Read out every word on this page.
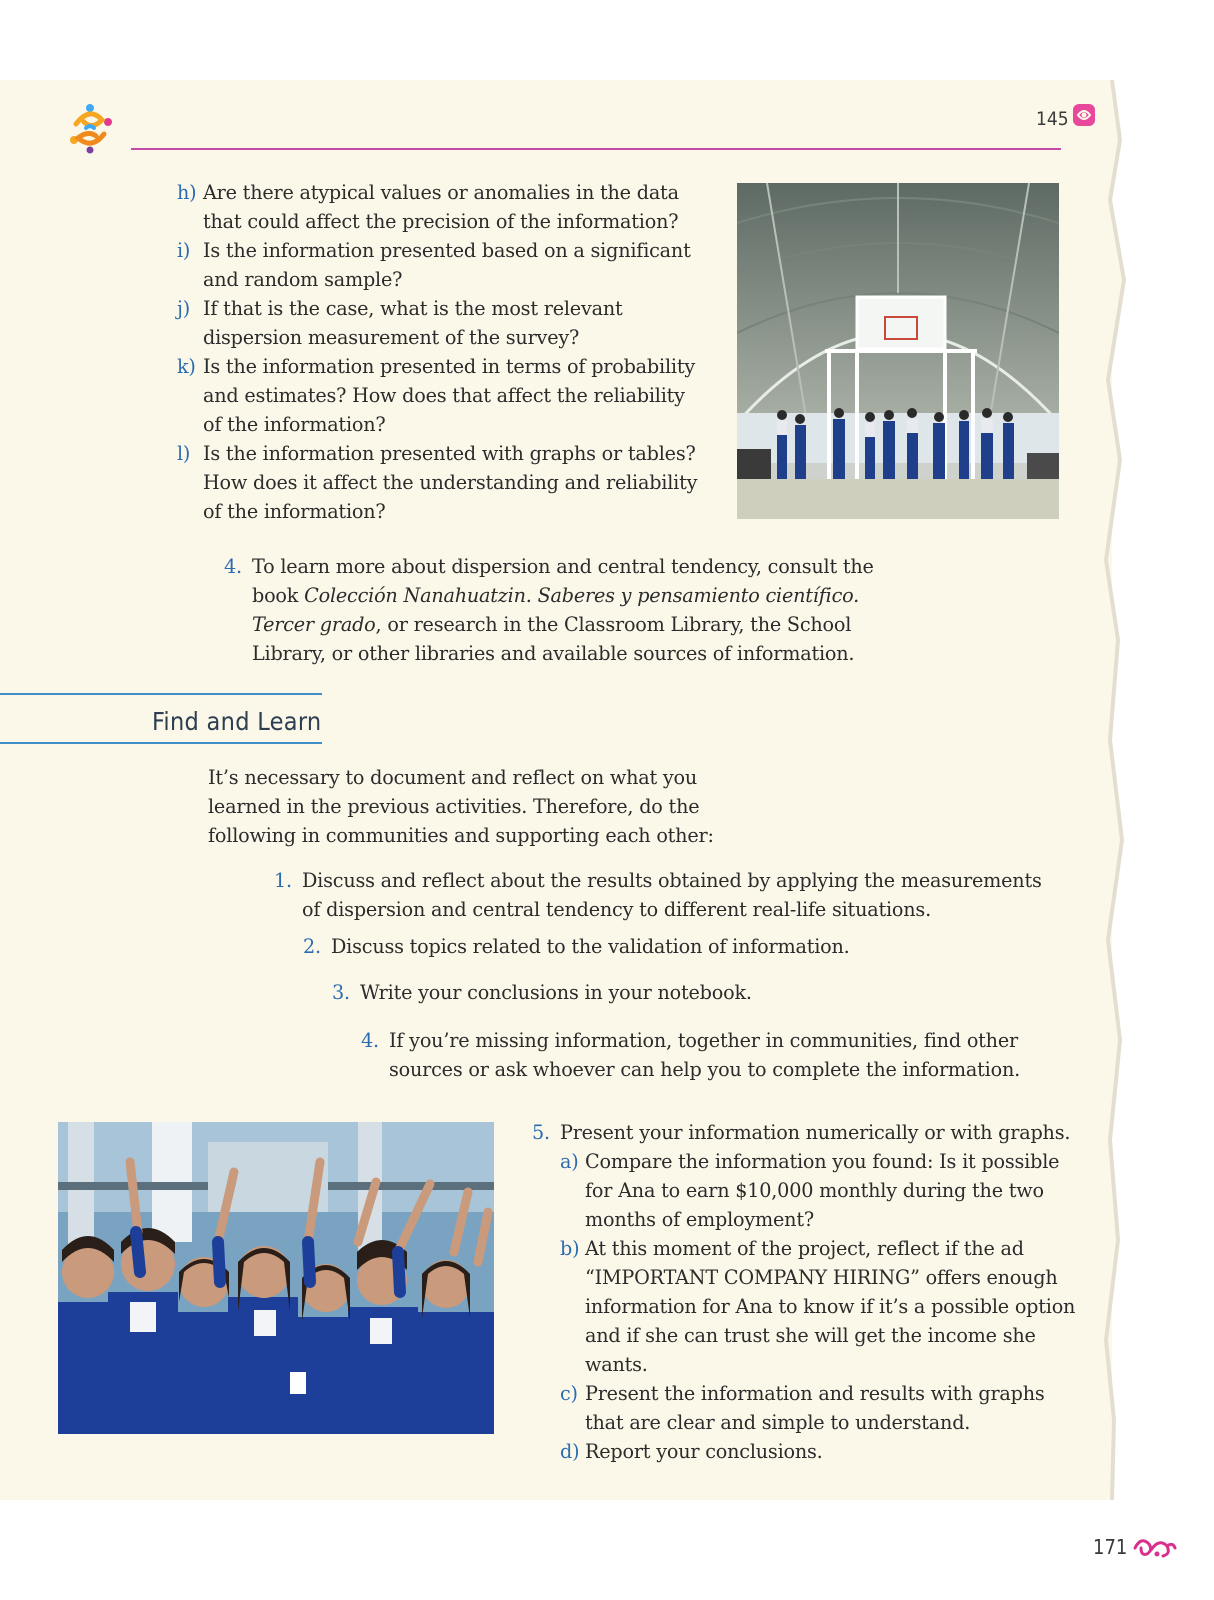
145
h) Are there atypical values or anomalies in the data that could affect the precision of the information?
i) Is the information presented based on a significant and random sample?
j) If that is the case, what is the most relevant dispersion measurement of the survey?
k) Is the information presented in terms of probability and estimates? How does that affect the reliability of the information?
l) Is the information presented with graphs or tables? How does it affect the understanding and reliability of the information?
4. To learn more about dispersion and central tendency, consult the book Colección Nanahuatzin. Saberes y pensamiento científico. Tercer grado, or research in the Classroom Library, the School Library, or other libraries and available sources of information.
Find and Learn

It’s necessary to document and reflect on what you learned in the previous activities. Therefore, do the following in communities and supporting each other:

1. Discuss and reflect about the results obtained by applying the measurements of dispersion and central tendency to different real-life situations.
2. Discuss topics related to the validation of information.
3. Write your conclusions in your notebook.
4. If you’re missing information, together in communities, find other sources or ask whoever can help you to complete the information.
5. Present your information numerically or with graphs.
a) Compare the information you found: Is it possible for Ana to earn $10,000 monthly during the two months of employment?
b) At this moment of the project, reflect if the ad “IMPORTANT COMPANY HIRING” offers enough information for Ana to know if it’s a possible option and if she can trust she will get the income she wants.
c) Present the information and results with graphs that are clear and simple to understand.
d) Report your conclusions.
171
